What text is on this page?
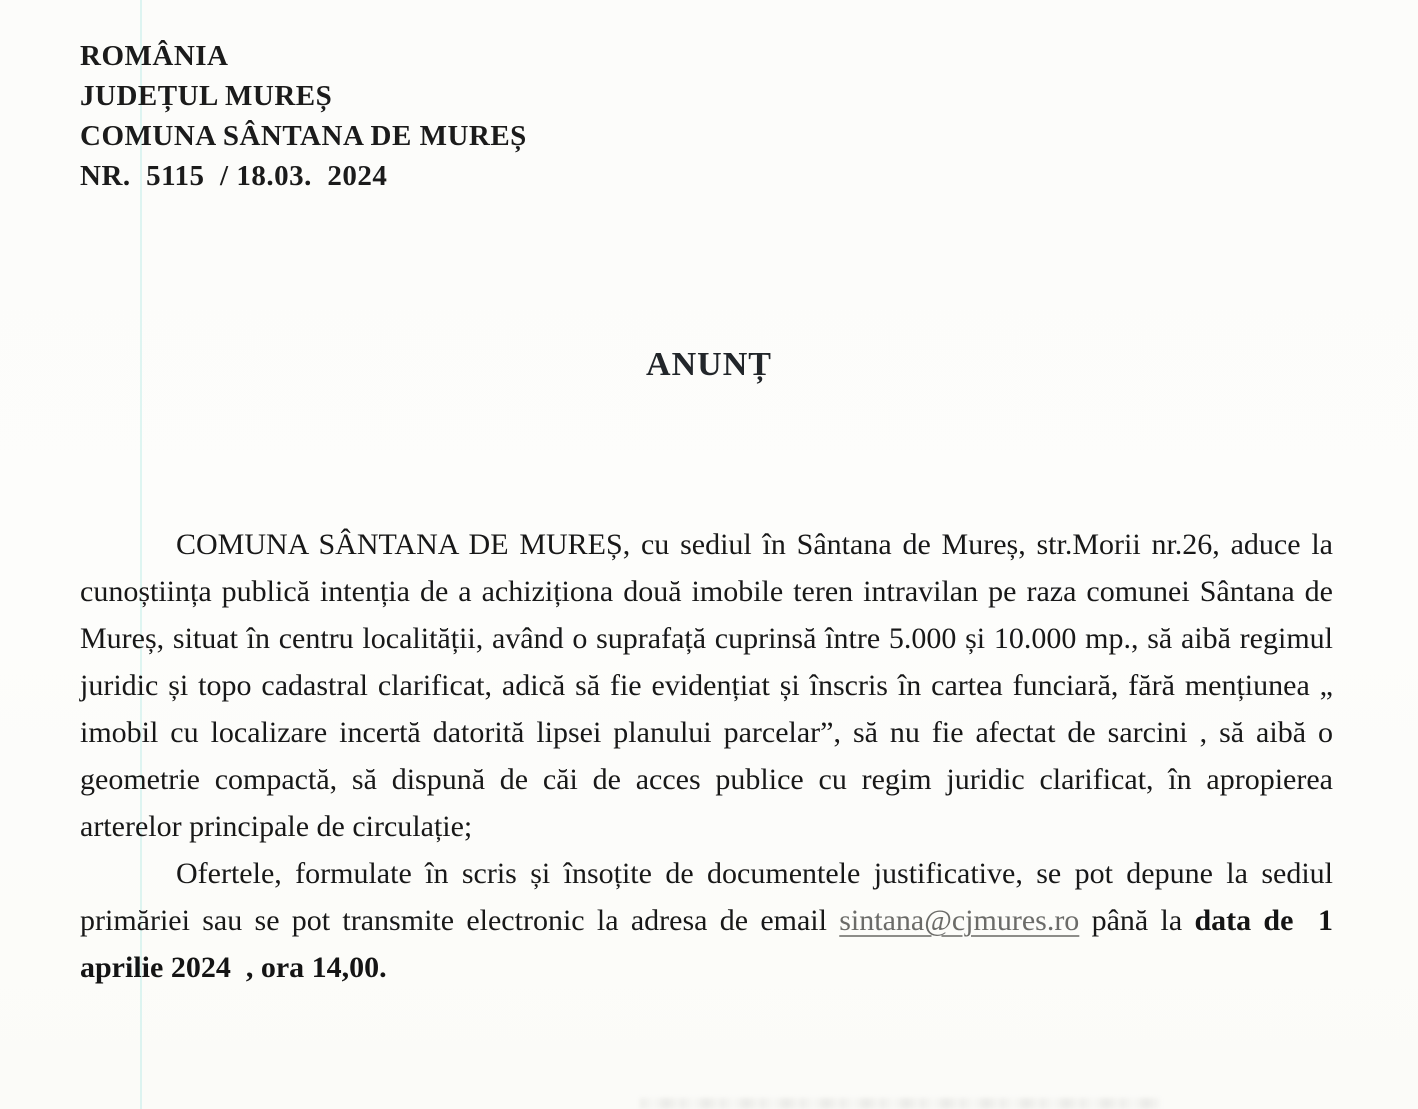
ROMÂNIA
JUDEȚUL MUREȘ
COMUNA SÂNTANA DE MUREȘ
NR.  5115  / 18.03.  2024
ANUNȚ

COMUNA SÂNTANA DE MUREȘ, cu sediul în Sântana de Mureș, str.Morii nr.26, aduce la cunoștiința publică intenția de a achiziționa două imobile teren intravilan pe raza comunei Sântana de Mureș, situat în centru localității, având o suprafață cuprinsă între 5.000 și 10.000 mp., să aibă regimul juridic și topo cadastral clarificat, adică să fie evidențiat și înscris în cartea funciară, fără mențiunea „ imobil cu localizare incertă datorită lipsei planului parcelar”, să nu fie afectat de sarcini , să aibă o geometrie compactă, să dispună de căi de acces publice cu regim juridic clarificat, în apropierea arterelor principale de circulație;

Ofertele, formulate în scris și însoțite de documentele justificative, se pot depune la sediul primăriei sau se pot transmite electronic la adresa de email sintana@cjmures.ro până la data de  1 aprilie 2024  , ora 14,00.
